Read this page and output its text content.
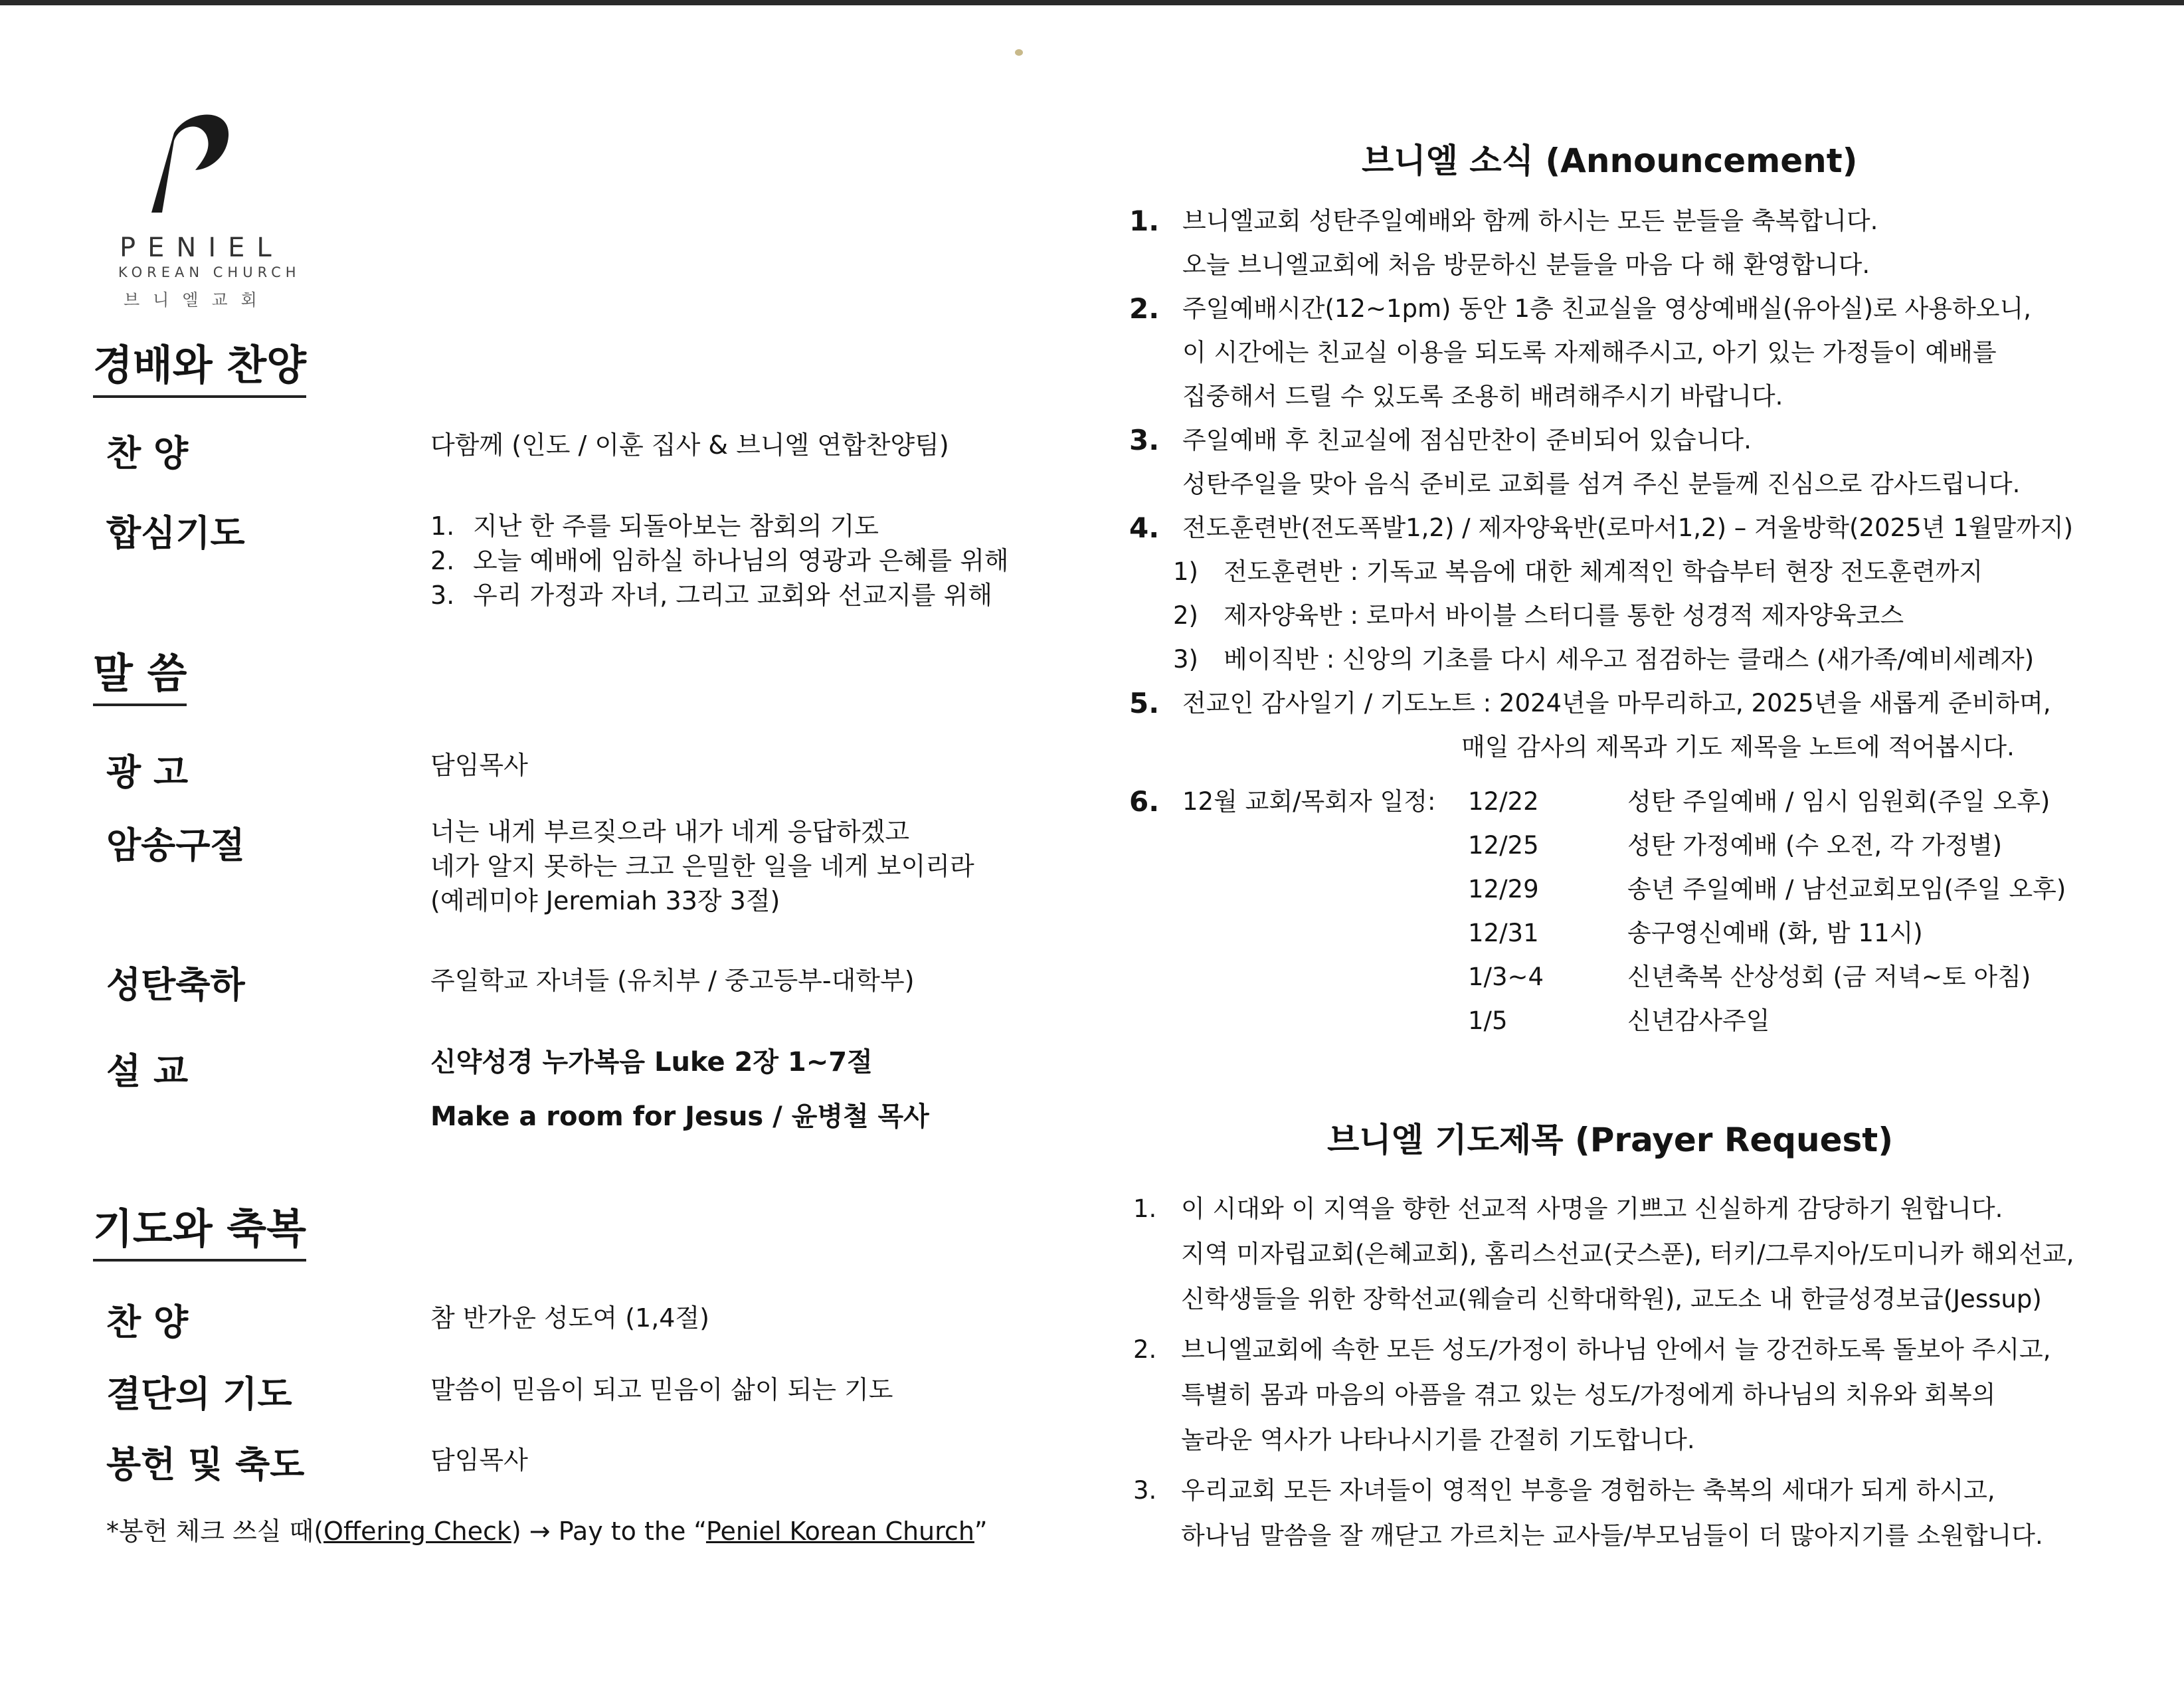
PENIEL
KOREAN CHURCH
브니엘교회
경배와 찬양
찬 양	다함께 (인도 / 이훈 집사 & 브니엘 연합찬양팀)
합심기도	1. 지난 한 주를 되돌아보는 참회의 기도
2. 오늘 예배에 임하실 하나님의 영광과 은혜를 위해
3. 우리 가정과 자녀, 그리고 교회와 선교지를 위해
말 씀
광 고	담임목사
암송구절	너는 내게 부르짖으라 내가 네게 응답하겠고
네가 알지 못하는 크고 은밀한 일을 네게 보이리라
(예레미야 Jeremiah 33장 3절)
성탄축하	주일학교 자녀들 (유치부 / 중고등부-대학부)
설 교	신약성경 누가복음 Luke 2장 1~7절
Make a room for Jesus / 윤병철 목사
기도와 축복
찬 양	참 반가운 성도여 (1,4절)
결단의 기도	말씀이 믿음이 되고 믿음이 삶이 되는 기도
봉헌 및 축도	담임목사
*봉헌 체크 쓰실 때(Offering Check) → Pay to the “Peniel Korean Church”
브니엘 소식 (Announcement)
1. 브니엘교회 성탄주일예배와 함께 하시는 모든 분들을 축복합니다.
오늘 브니엘교회에 처음 방문하신 분들을 마음 다 해 환영합니다.
2. 주일예배시간(12~1pm) 동안 1층 친교실을 영상예배실(유아실)로 사용하오니,
이 시간에는 친교실 이용을 되도록 자제해주시고, 아기 있는 가정들이 예배를
집중해서 드릴 수 있도록 조용히 배려해주시기 바랍니다.
3. 주일예배 후 친교실에 점심만찬이 준비되어 있습니다.
성탄주일을 맞아 음식 준비로 교회를 섬겨 주신 분들께 진심으로 감사드립니다.
4. 전도훈련반(전도폭발1,2) / 제자양육반(로마서1,2) – 겨울방학(2025년 1월말까지)
1)	전도훈련반 : 기독교 복음에 대한 체계적인 학습부터 현장 전도훈련까지
2)	제자양육반 : 로마서 바이블 스터디를 통한 성경적 제자양육코스
3)	베이직반 : 신앙의 기초를 다시 세우고 점검하는 클래스 (새가족/예비세례자)
5. 전교인 감사일기 / 기도노트 : 2024년을 마무리하고, 2025년을 새롭게 준비하며,
매일 감사의 제목과 기도 제목을 노트에 적어봅시다.
6. 12월 교회/목회자 일정:	12/22	성탄 주일예배 / 임시 임원회(주일 오후)
12/25	성탄 가정예배 (수 오전, 각 가정별)
12/29	송년 주일예배 / 남선교회모임(주일 오후)
12/31	송구영신예배 (화, 밤 11시)
1/3~4	신년축복 산상성회 (금 저녁~토 아침)
1/5	신년감사주일
브니엘 기도제목 (Prayer Request)
1. 이 시대와 이 지역을 향한 선교적 사명을 기쁘고 신실하게 감당하기 원합니다.
지역 미자립교회(은혜교회), 홈리스선교(굿스푼), 터키/그루지아/도미니카 해외선교,
신학생들을 위한 장학선교(웨슬리 신학대학원), 교도소 내 한글성경보급(Jessup)
2. 브니엘교회에 속한 모든 성도/가정이 하나님 안에서 늘 강건하도록 돌보아 주시고,
특별히 몸과 마음의 아픔을 겪고 있는 성도/가정에게 하나님의 치유와 회복의
놀라운 역사가 나타나시기를 간절히 기도합니다.
3. 우리교회 모든 자녀들이 영적인 부흥을 경험하는 축복의 세대가 되게 하시고,
하나님 말씀을 잘 깨닫고 가르치는 교사들/부모님들이 더 많아지기를 소원합니다.
